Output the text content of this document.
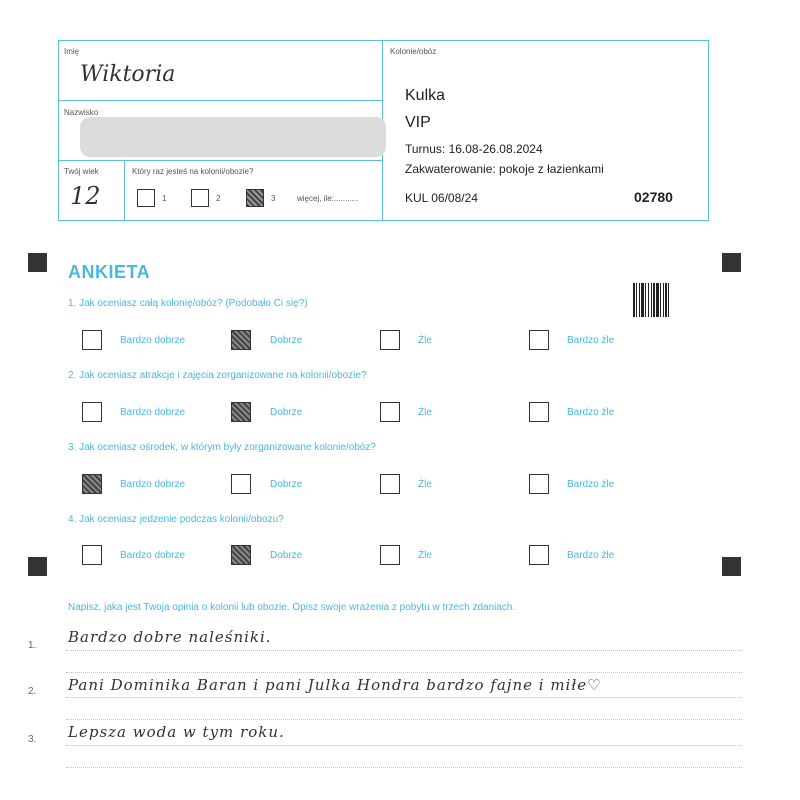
Imię
Wiktoria
Nazwisko
Twój wiek
12
Który raz jesteś na kolonii/obozie?
1	2	3	więcej, ile:...........
Kolonie/obóz
Kulka
VIP
Turnus: 16.08-26.08.2024
Zakwaterowanie: pokoje z łazienkami
KUL 06/08/24	02780
ANKIETA
1. Jak oceniasz całą kolonię/obóz? (Podobało Ci się?)
Bardzo dobrze	Dobrze	Źle	Bardzo źle
2. Jak oceniasz atrakcje i zajęcia zorganizowane na kolonii/obozie?
Bardzo dobrze	Dobrze	Źle	Bardzo źle
3. Jak oceniasz ośrodek, w którym były zorganizowane kolonie/obóz?
Bardzo dobrze	Dobrze	Źle	Bardzo źle
4. Jak oceniasz jedzenie podczas kolonii/obozu?
Bardzo dobrze	Dobrze	Źle	Bardzo źle
Napisz, jaka jest Twoja opinia o kolonii lub obozie. Opisz swoje wrażenia z pobytu w trzech zdaniach.
1. Bardzo dobre naleśniki.
2. Pani Dominika Baran i pani Julka Hondra bardzo fajne i miłe♡
3. Lepsza woda w tym roku.
